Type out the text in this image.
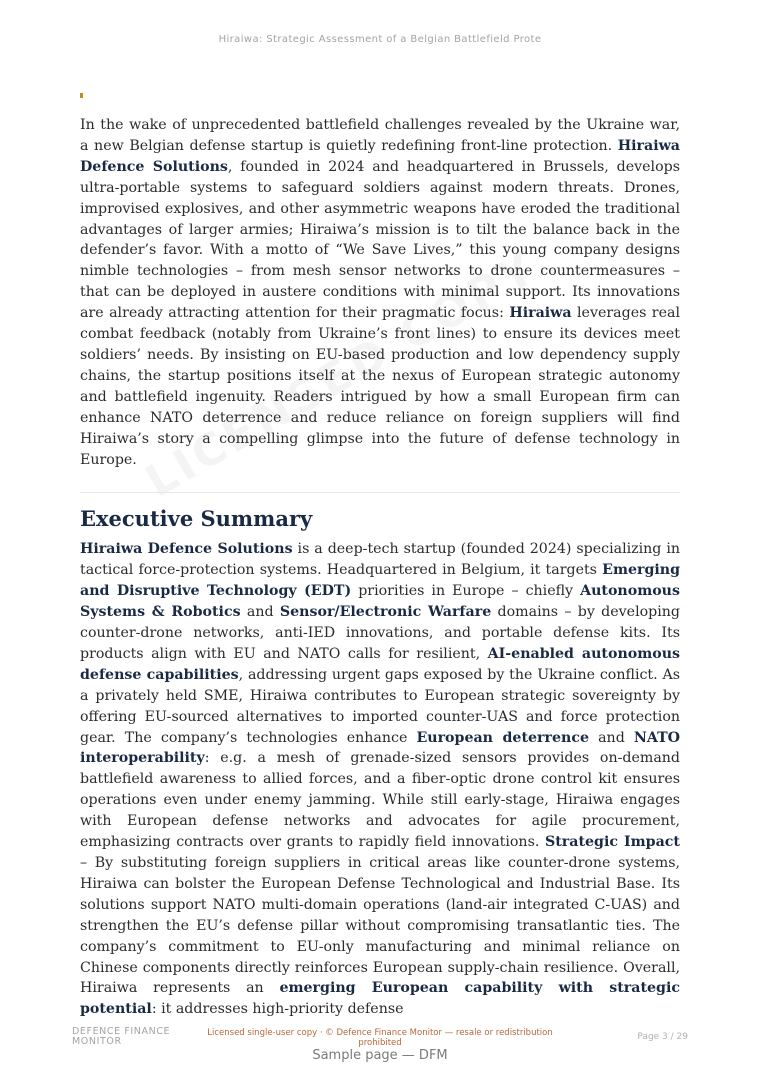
Hiraiwa: Strategic Assessment of a Belgian Battlefield Prote

In the wake of unprecedented battlefield challenges revealed by the Ukraine war, a new Belgian defense startup is quietly redefining front-line protection. Hiraiwa Defence Solutions, founded in 2024 and headquartered in Brussels, develops ultra-portable systems to safeguard soldiers against modern threats. Drones, improvised explosives, and other asymmetric weapons have eroded the traditional advantages of larger armies; Hiraiwa’s mission is to tilt the balance back in the defender’s favor. With a motto of “We Save Lives,” this young company designs nimble technologies – from mesh sensor networks to drone countermeasures – that can be deployed in austere conditions with minimal support. Its innovations are already attracting attention for their pragmatic focus: Hiraiwa leverages real combat feedback (notably from Ukraine’s front lines) to ensure its devices meet soldiers’ needs. By insisting on EU-based production and low dependency supply chains, the startup positions itself at the nexus of European strategic autonomy and battlefield ingenuity. Readers intrigued by how a small European firm can enhance NATO deterrence and reduce reliance on foreign suppliers will find Hiraiwa’s story a compelling glimpse into the future of defense technology in Europe.

Executive Summary

Hiraiwa Defence Solutions is a deep-tech startup (founded 2024) specializing in tactical force-protection systems. Headquartered in Belgium, it targets Emerging and Disruptive Technology (EDT) priorities in Europe – chiefly Autonomous Systems & Robotics and Sensor/Electronic Warfare domains – by developing counter-drone networks, anti-IED innovations, and portable defense kits. Its products align with EU and NATO calls for resilient, AI-enabled autonomous defense capabilities, addressing urgent gaps exposed by the Ukraine conflict. As a privately held SME, Hiraiwa contributes to European strategic sovereignty by offering EU-sourced alternatives to imported counter-UAS and force protection gear. The company’s technologies enhance European deterrence and NATO interoperability: e.g. a mesh of grenade-sized sensors provides on-demand battlefield awareness to allied forces, and a fiber-optic drone control kit ensures operations even under enemy jamming. While still early-stage, Hiraiwa engages with European defense networks and advocates for agile procurement, emphasizing contracts over grants to rapidly field innovations. Strategic Impact – By substituting foreign suppliers in critical areas like counter-drone systems, Hiraiwa can bolster the European Defense Technological and Industrial Base. Its solutions support NATO multi-domain operations (land-air integrated C-UAS) and strengthen the EU’s defense pillar without compromising transatlantic ties. The company’s commitment to EU-only manufacturing and minimal reliance on Chinese components directly reinforces European supply-chain resilience. Overall, Hiraiwa represents an emerging European capability with strategic potential: it addresses high-priority defense

DEFENCE FINANCE
MONITOR
Licensed single-user copy · © Defence Finance Monitor — resale or redistribution
prohibited
Page 3 / 29
Sample page — DFM
